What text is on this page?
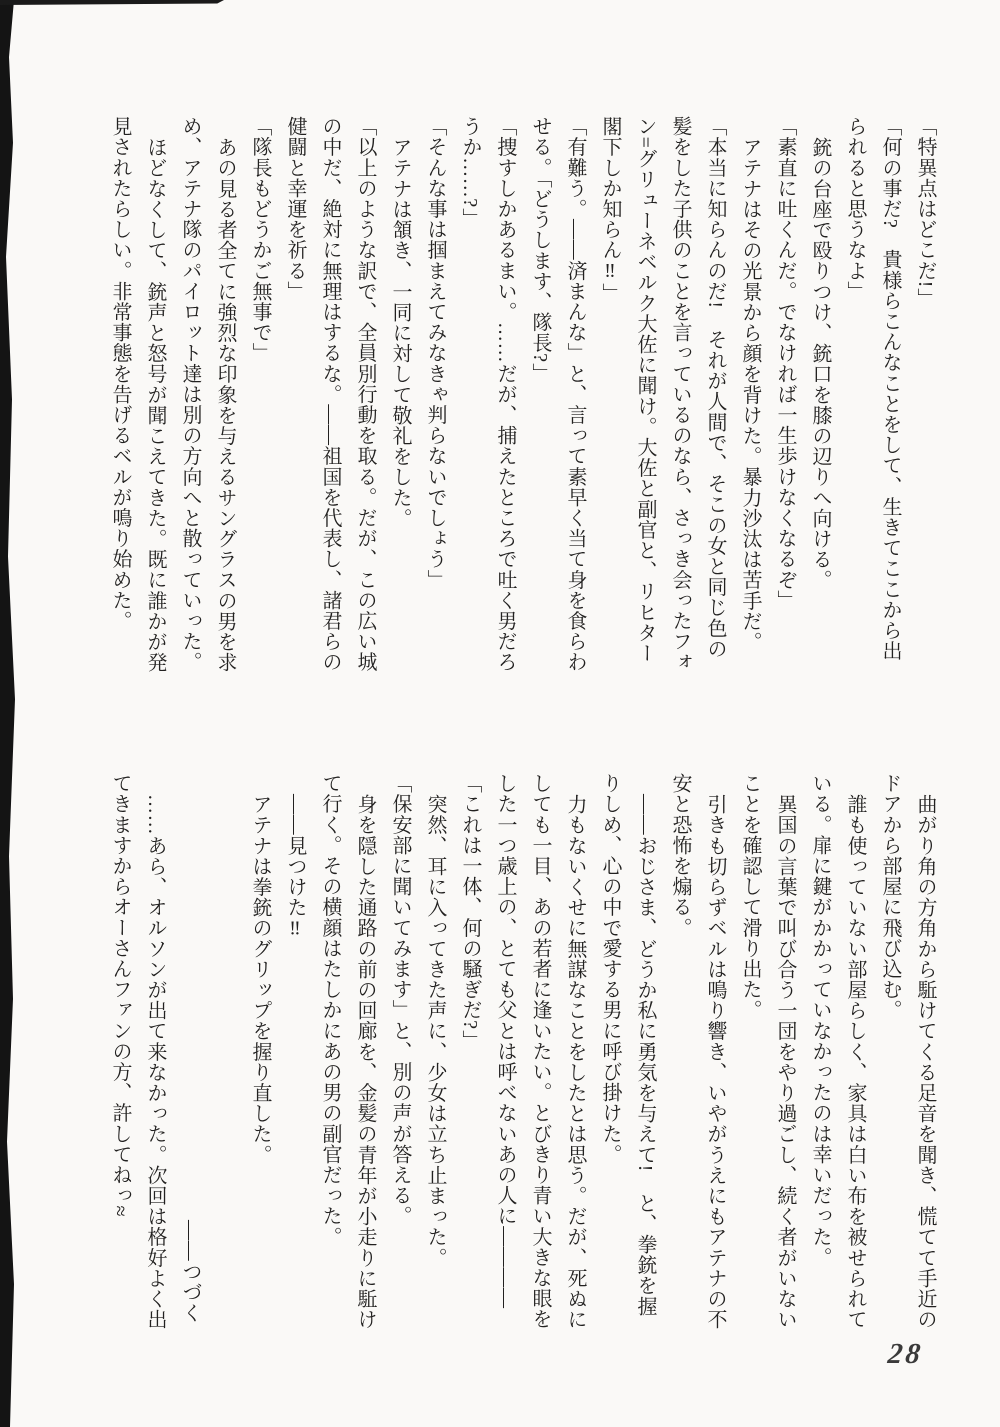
「特異点はどこだ!」
「何の事だ?　貴様らこんなことをして、生きてここから出
られると思うなよ」
銃の台座で殴りつけ、銃口を膝の辺りへ向ける。
「素直に吐くんだ。でなければ一生歩けなくなるぞ」
アテナはその光景から顔を背けた。暴力沙汰は苦手だ。
「本当に知らんのだ!　それが人間で、そこの女と同じ色の
髪をした子供のことを言っているのなら、さっき会ったフォ
ン=グリューネベルク大佐に聞け。大佐と副官と、リヒター
閣下しか知らん‼」
「有難う。――済まんな」と、言って素早く当て身を食らわ
せる。「どうします、隊長?」
「捜すしかあるまい。……だが、捕えたところで吐く男だろ
うか……?」
「そんな事は掴まえてみなきゃ判らないでしょう」
アテナは頷き、一同に対して敬礼をした。
「以上のような訳で、全員別行動を取る。だが、この広い城
の中だ、絶対に無理はするな。――祖国を代表し、諸君らの
健闘と幸運を祈る」
「隊長もどうかご無事で」
あの見る者全てに強烈な印象を与えるサングラスの男を求
め、アテナ隊のパイロット達は別の方向へと散っていった。
ほどなくして、銃声と怒号が聞こえてきた。既に誰かが発
見されたらしい。非常事態を告げるベルが鳴り始めた。
曲がり角の方角から駈けてくる足音を聞き、慌てて手近の
ドアから部屋に飛び込む。
誰も使っていない部屋らしく、家具は白い布を被せられて
いる。扉に鍵がかかっていなかったのは幸いだった。
異国の言葉で叫び合う一団をやり過ごし、続く者がいない
ことを確認して滑り出た。
引きも切らずベルは鳴り響き、いやがうえにもアテナの不
安と恐怖を煽る。
――おじさま、どうか私に勇気を与えて!　と、拳銃を握
りしめ、心の中で愛する男に呼び掛けた。
力もないくせに無謀なことをしたとは思う。だが、死ぬに
しても一目、あの若者に逢いたい。とびきり青い大きな眼を
した一つ歳上の、とても父とは呼べないあの人に――――
「これは一体、何の騒ぎだ?」
突然、耳に入ってきた声に、少女は立ち止まった。
「保安部に聞いてみます」と、別の声が答える。
身を隠した通路の前の回廊を、金髪の青年が小走りに駈け
て行く。その横顔はたしかにあの男の副官だった。
――見つけた‼
アテナは拳銃のグリップを握り直した。

――つづく
……あら、オルソンが出て来なかった。次回は格好よく出
てきますからオーさんファンの方、許してねっ≈
28
